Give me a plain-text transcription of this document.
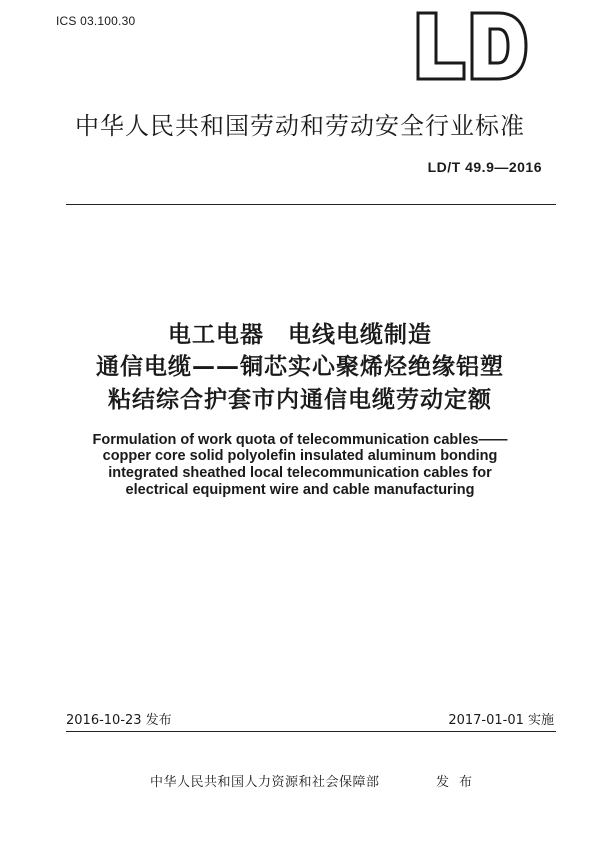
ICS 03.100.30
中华人民共和国劳动和劳动安全行业标准
LD/T 49.9—2016
电工电器　电线电缆制造
通信电缆——铜芯实心聚烯烃绝缘铝塑
粘结综合护套市内通信电缆劳动定额
Formulation of work quota of telecommunication cables——
copper core solid polyolefin insulated aluminum bonding
integrated sheathed local telecommunication cables for
electrical equipment wire and cable manufacturing
2016-10-23 发布	2017-01-01 实施
中华人民共和国人力资源和社会保障部	发布
